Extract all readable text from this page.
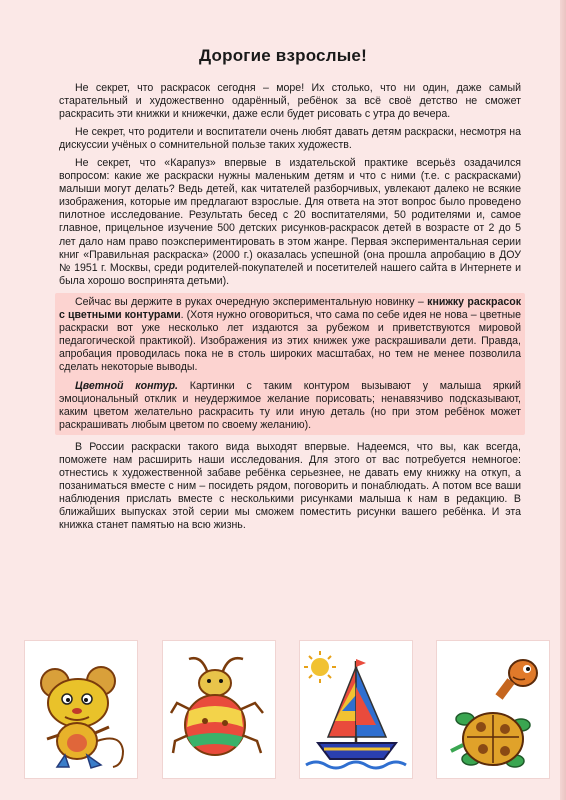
Дорогие взрослые!

Не секрет, что раскрасок сегодня – море! Их столько, что ни один, даже самый старательный и художественно одарённый, ребёнок за всё своё детство не сможет раскрасить эти книжки и книжечки, даже если будет рисовать с утра до вечера.

Не секрет, что родители и воспитатели очень любят давать детям раскраски, несмотря на дискуссии учёных о сомнительной пользе таких художеств.

Не секрет, что «Карапуз» впервые в издательской практике всерьёз озадачился вопросом: какие же раскраски нужны маленьким детям и что с ними (т.е. с раскрасками) малыши могут делать? Ведь детей, как читателей разборчивых, увлекают далеко не всякие изображения, которые им предлагают взрослые. Для ответа на этот вопрос было проведено пилотное исследование. Результать бесед с 20 воспитателями, 50 родителями и, самое главное, прицельное изучение 500 детских рисунков-раскрасок детей в возрасте от 2 до 5 лет дало нам право поэкспериментировать в этом жанре. Первая экспериментальная серии книг «Правильная раскраска» (2000 г.) оказалась успешной (она прошла апробацию в ДОУ № 1951 г. Москвы, среди родителей-покупателей и посетителей нашего сайта в Интернете и была хорошо воспринята детьми).

Сейчас вы держите в руках очередную экспериментальную новинку – книжку раскрасок с цветными контурами. (Хотя нужно оговориться, что сама по себе идея не нова – цветные раскраски вот уже несколько лет издаются за рубежом и приветствуются мировой педагогической практикой). Изображения из этих книжек уже раскрашивали дети. Правда, апробация проводилась пока не в столь широких масштабах, но тем не менее позволила сделать некоторые выводы.

Цветной контур. Картинки с таким контуром вызывают у малыша яркий эмоциональный отклик и неудержимое желание порисовать; ненавязчиво подсказывают, каким цветом желательно раскрасить ту или иную деталь (но при этом ребёнок может раскрашивать любым цветом по своему желанию).

В России раскраски такого вида выходят впервые. Надеемся, что вы, как всегда, поможете нам расширить наши исследования. Для этого от вас потребуется немногое: отнестись к художественной забаве ребёнка серьезнее, не давать ему книжку на откуп, а позаниматься вместе с ним – посидеть рядом, поговорить и понаблюдать. А потом все ваши наблюдения прислать вместе с несколькими рисунками малыша к нам в редакцию. В ближайших выпусках этой серии мы сможем поместить рисунки вашего ребёнка. И эта книжка станет памятью на всю жизнь.
